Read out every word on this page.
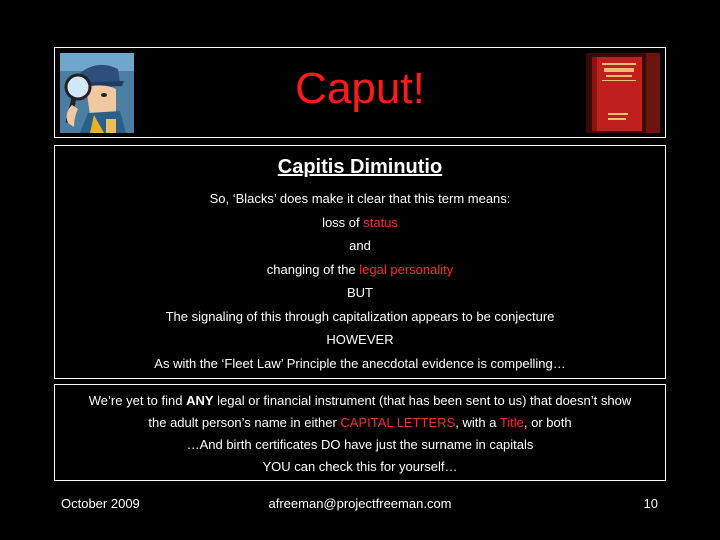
Caput!
Capitis Diminutio
So, ‘Blacks’ does make it clear that this term means:
loss of status
and
changing of the legal personality
BUT
The signaling of this through capitalization appears to be conjecture
HOWEVER
As with the ‘Fleet Law’ Principle the anecdotal evidence is compelling…
We’re yet to find ANY legal or financial instrument (that has been sent to us) that doesn’t show
the adult person’s name in either CAPITAL LETTERS, with a Title, or both
…And birth certificates DO have just the surname in capitals
YOU can check this for yourself…
October 2009	afreeman@projectfreeman.com	10
